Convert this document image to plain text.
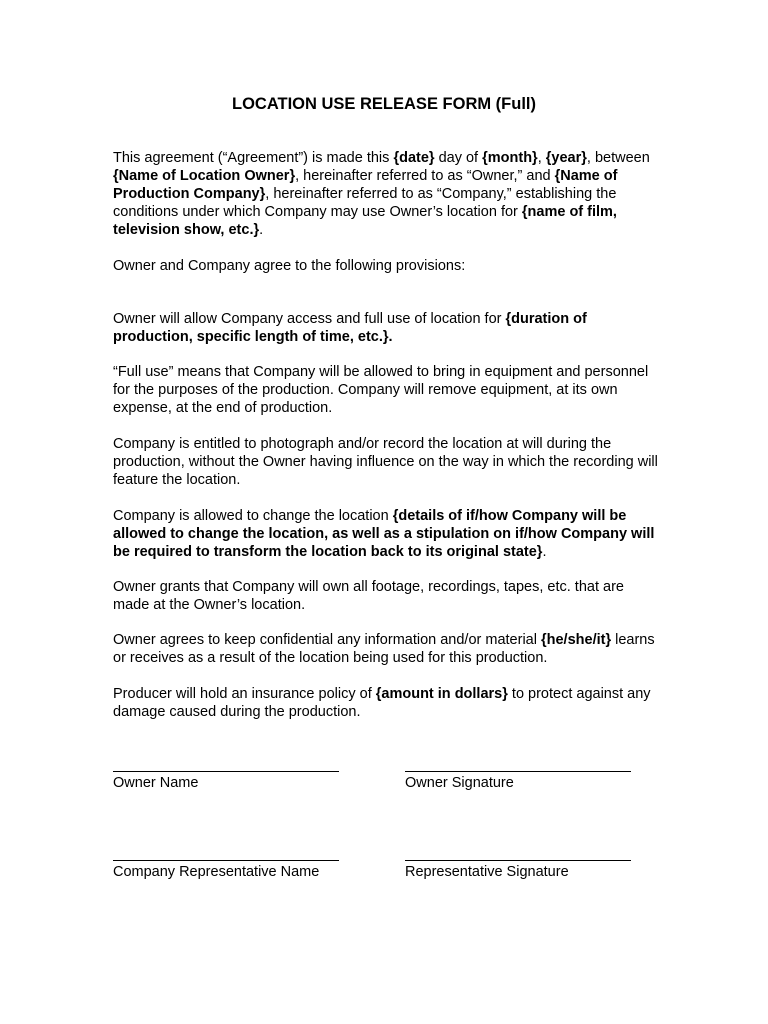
LOCATION USE RELEASE FORM (Full)

This agreement (“Agreement”) is made this {date} day of {month}, {year}, between {Name of Location Owner}, hereinafter referred to as “Owner,” and {Name of Production Company}, hereinafter referred to as “Company,” establishing the conditions under which Company may use Owner’s location for {name of film, television show, etc.}.

Owner and Company agree to the following provisions:

Owner will allow Company access and full use of location for {duration of production, specific length of time, etc.}.

“Full use” means that Company will be allowed to bring in equipment and personnel for the purposes of the production. Company will remove equipment, at its own expense, at the end of production.

Company is entitled to photograph and/or record the location at will during the production, without the Owner having influence on the way in which the recording will feature the location.

Company is allowed to change the location {details of if/how Company will be allowed to change the location, as well as a stipulation on if/how Company will be required to transform the location back to its original state}.

Owner grants that Company will own all footage, recordings, tapes, etc. that are made at the Owner’s location.

Owner agrees to keep confidential any information and/or material {he/she/it} learns or receives as a result of the location being used for this production.

Producer will hold an insurance policy of {amount in dollars} to protect against any damage caused during the production.

Owner Name	Owner Signature
Company Representative Name	Representative Signature
